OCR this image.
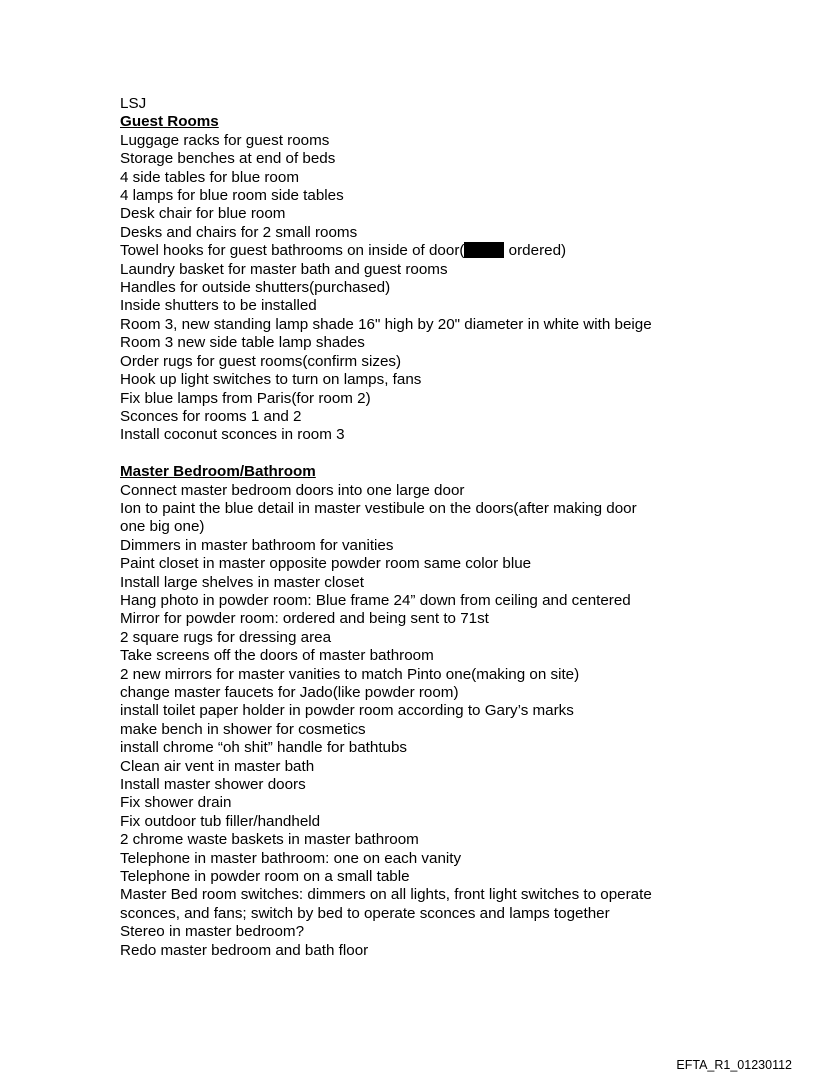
LSJ
Guest Rooms
Luggage racks for guest rooms
Storage benches at end of beds
4 side tables for blue room
4 lamps for blue room side tables
Desk chair for blue room
Desks and chairs for 2 small rooms
Towel hooks for guest bathrooms on inside of door(	ordered)
Laundry basket for master bath and guest rooms
Handles for outside shutters(purchased)
Inside shutters to be installed
Room 3, new standing lamp shade 16" high by 20" diameter in white with beige
Room 3 new side table lamp shades
Order rugs for guest rooms(confirm sizes)
Hook up light switches to turn on lamps, fans
Fix blue lamps from Paris(for room 2)
Sconces for rooms 1 and 2
Install coconut sconces in room 3
Master Bedroom/Bathroom
Connect master bedroom doors into one large door
Ion to paint the blue detail in master vestibule on the doors(after making door
one big one)
Dimmers in master bathroom for vanities
Paint closet in master opposite powder room same color blue
Install large shelves in master closet
Hang photo in powder room: Blue frame 24” down from ceiling and centered
Mirror for powder room: ordered and being sent to 71st
2 square rugs for dressing area
Take screens off the doors of master bathroom
2 new mirrors for master vanities to match Pinto one(making on site)
change master faucets for Jado(like powder room)
install toilet paper holder in powder room according to Gary’s marks
make bench in shower for cosmetics
install chrome “oh shit” handle for bathtubs
Clean air vent in master bath
Install master shower doors
Fix shower drain
Fix outdoor tub filler/handheld
2 chrome waste baskets in master bathroom
Telephone in master bathroom: one on each vanity
Telephone in powder room on a small table
Master Bed room switches: dimmers on all lights, front light switches to operate
sconces, and fans; switch by bed to operate sconces and lamps together
Stereo in master bedroom?
Redo master bedroom and bath floor
EFTA_R1_01230112
